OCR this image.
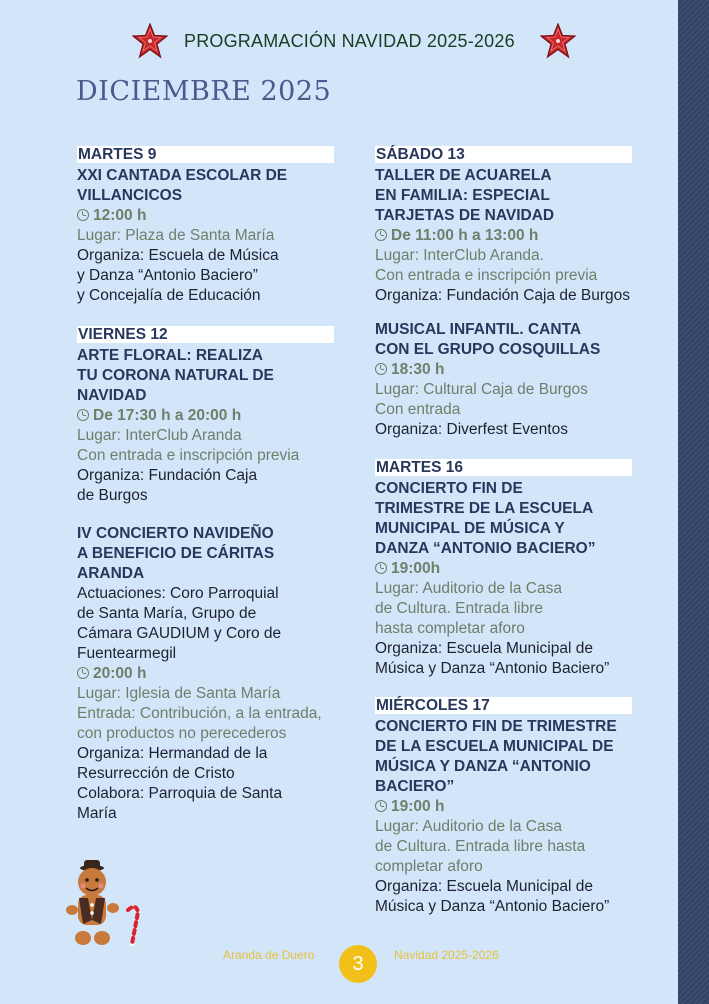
PROGRAMACIÓN NAVIDAD 2025-2026
DICIEMBRE 2025
MARTES 9
XXI CANTADA ESCOLAR DE
VILLANCICOS
12:00 h
Lugar: Plaza de Santa María
Organiza: Escuela de Música
y Danza “Antonio Baciero”
y Concejalía de Educación
VIERNES 12
ARTE FLORAL: REALIZA
TU CORONA NATURAL DE
NAVIDAD
De 17:30 h a 20:00 h
Lugar: InterClub Aranda
Con entrada e inscripción previa
Organiza: Fundación Caja
de Burgos
IV CONCIERTO NAVIDEÑO
A BENEFICIO DE CÁRITAS
ARANDA
Actuaciones: Coro Parroquial
de Santa María, Grupo de
Cámara GAUDIUM y Coro de
Fuentearmegil
20:00 h
Lugar: Iglesia de Santa María
Entrada: Contribución, a la entrada,
con productos no perecederos
Organiza: Hermandad de la
Resurrección de Cristo
Colabora: Parroquia de Santa
María
SÁBADO 13
TALLER DE ACUARELA
EN FAMILIA: ESPECIAL
TARJETAS DE NAVIDAD
De 11:00 h a 13:00 h
Lugar: InterClub Aranda.
Con entrada e inscripción previa
Organiza: Fundación Caja de Burgos
MUSICAL INFANTIL. CANTA
CON EL GRUPO COSQUILLAS
18:30 h
Lugar: Cultural Caja de Burgos
Con entrada
Organiza: Diverfest Eventos
MARTES 16
CONCIERTO FIN DE
TRIMESTRE DE LA ESCUELA
MUNICIPAL DE MÚSICA Y
DANZA “ANTONIO BACIERO”
19:00h
Lugar: Auditorio de la Casa
de Cultura. Entrada libre
hasta completar aforo
Organiza: Escuela Municipal de
Música y Danza “Antonio Baciero”
MIÉRCOLES 17
CONCIERTO FIN DE TRIMESTRE
DE LA ESCUELA MUNICIPAL DE
MÚSICA Y DANZA “ANTONIO
BACIERO”
19:00 h
Lugar: Auditorio de la Casa
de Cultura. Entrada libre hasta
completar aforo
Organiza: Escuela Municipal de
Música y Danza “Antonio Baciero”
Aranda de Duero	3	Navidad 2025-2026
